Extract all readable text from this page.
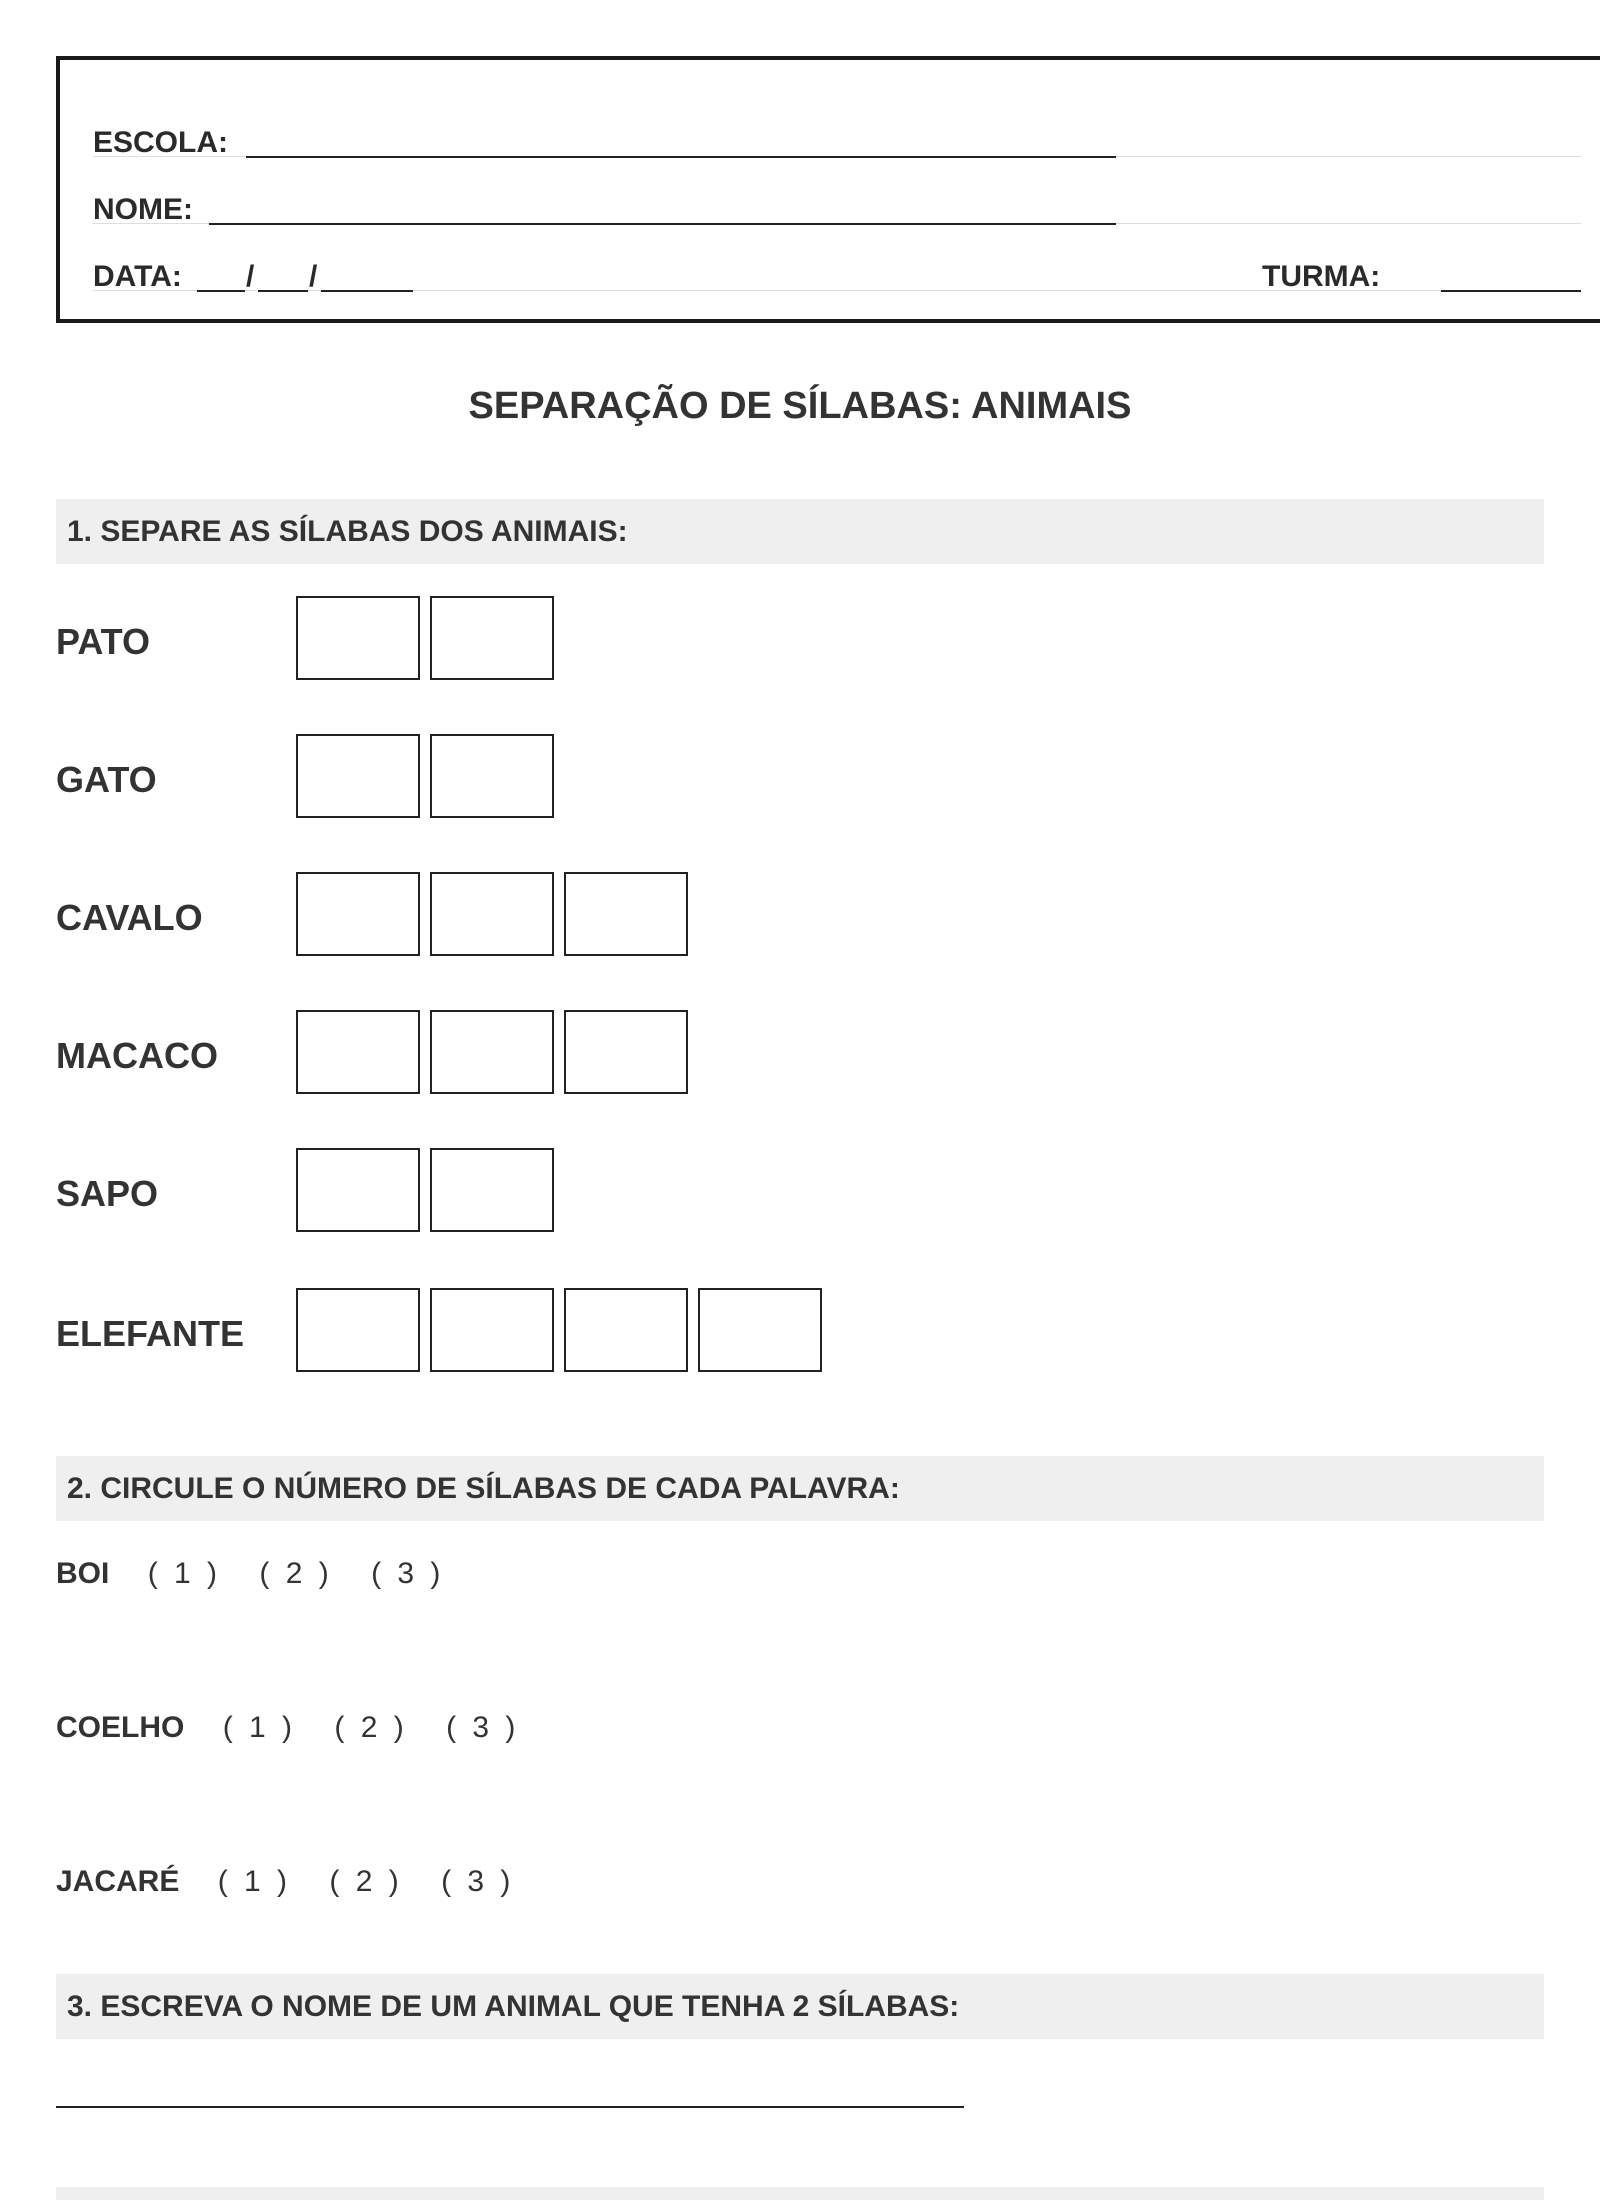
ESCOLA:
NOME:
DATA: / /	TURMA:
SEPARAÇÃO DE SÍLABAS: ANIMAIS
1. SEPARE AS SÍLABAS DOS ANIMAIS:
PATO
GATO
CAVALO
MACACO
SAPO
ELEFANTE
2. CIRCULE O NÚMERO DE SÍLABAS DE CADA PALAVRA:
BOI ( 1 ) ( 2 ) ( 3 )
COELHO ( 1 ) ( 2 ) ( 3 )
JACARÉ ( 1 ) ( 2 ) ( 3 )
3. ESCREVA O NOME DE UM ANIMAL QUE TENHA 2 SÍLABAS:
